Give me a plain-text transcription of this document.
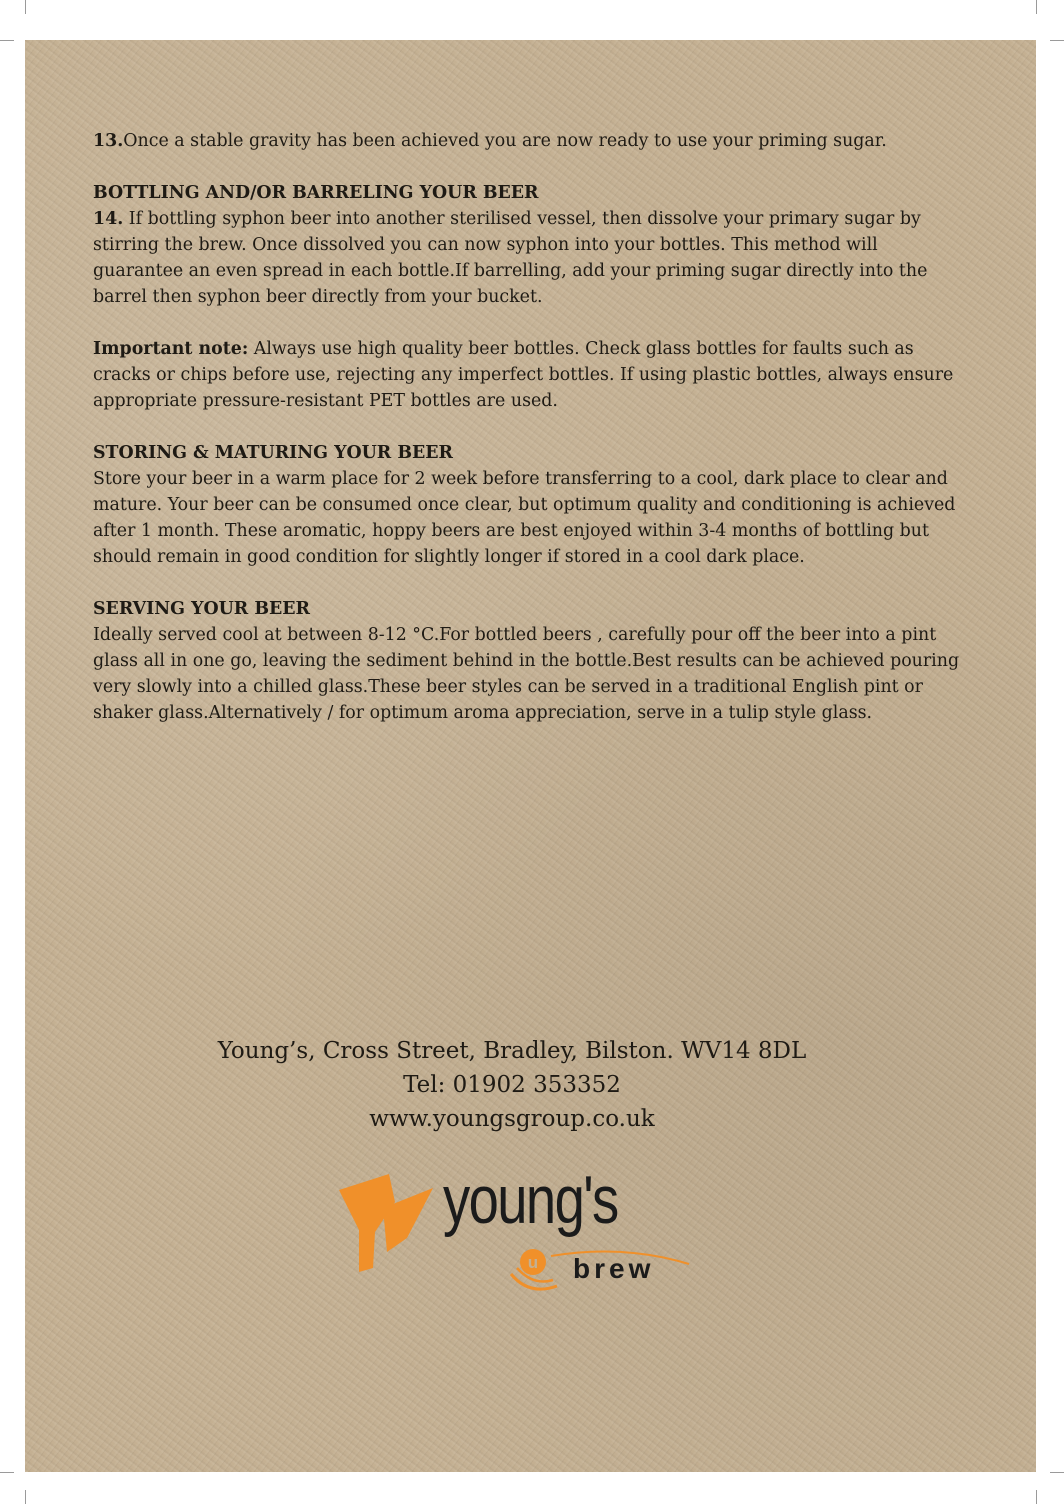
13.Once a stable gravity has been achieved you are now ready to use your priming sugar.

BOTTLING AND/OR BARRELING YOUR BEER

14. If bottling syphon beer into another sterilised vessel, then dissolve your primary sugar by stirring the brew. Once dissolved you can now syphon into your bottles. This method will guarantee an even spread in each bottle.If barrelling, add your priming sugar directly into the barrel then syphon beer directly from your bucket.

Important note: Always use high quality beer bottles. Check glass bottles for faults such as cracks or chips before use, rejecting any imperfect bottles. If using plastic bottles, always ensure appropriate pressure-resistant PET bottles are used.

STORING & MATURING YOUR BEER

Store your beer in a warm place for 2 week before transferring to a cool, dark place to clear and mature. Your beer can be consumed once clear, but optimum quality and conditioning is achieved after 1 month. These aromatic, hoppy beers are best enjoyed within 3-4 months of bottling but should remain in good condition for slightly longer if stored in a cool dark place.

SERVING YOUR BEER

Ideally served cool at between 8-12 °C.For bottled beers , carefully pour off the beer into a pint glass all in one go, leaving the sediment behind in the bottle.Best results can be achieved pouring very slowly into a chilled glass.These beer styles can be served in a traditional English pint or shaker glass.Alternatively / for optimum aroma appreciation, serve in a tulip style glass.

Young’s, Cross Street, Bradley, Bilston. WV14 8DL
Tel: 01902 353352
www.youngsgroup.co.uk
young's
u brew
